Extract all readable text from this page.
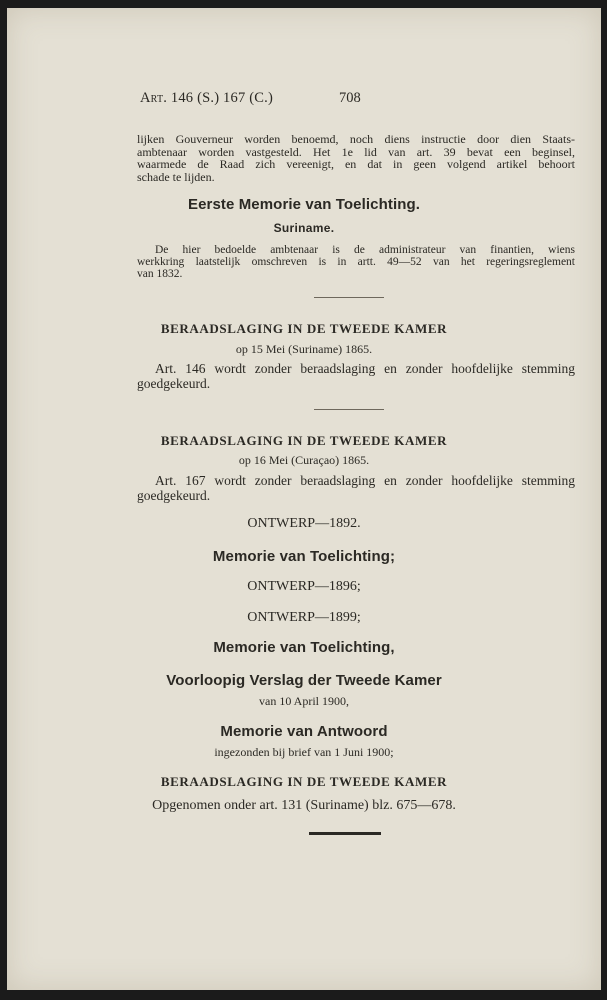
Art. 146 (S.) 167 (C.)	708
lijken Gouverneur worden benoemd, noch diens instructie door dien Staats-
ambtenaar worden vastgesteld. Het 1e lid van art. 39 bevat een beginsel,
waarmede de Raad zich vereenigt, en dat in geen volgend artikel behoort
schade te lijden.
Eerste Memorie van Toelichting.
Suriname.
De hier bedoelde ambtenaar is de administrateur van finantien, wiens
werkkring laatstelijk omschreven is in artt. 49—52 van het regeringsreglement
van 1832.
BERAADSLAGING IN DE TWEEDE KAMER
op 15 Mei (Suriname) 1865.
Art. 146 wordt zonder beraadslaging en zonder hoofdelijke stemming
goedgekeurd.
BERAADSLAGING IN DE TWEEDE KAMER
op 16 Mei (Curaçao) 1865.
Art. 167 wordt zonder beraadslaging en zonder hoofdelijke stemming
goedgekeurd.
ONTWERP—1892.
Memorie van Toelichting;
ONTWERP—1896;
ONTWERP—1899;
Memorie van Toelichting,
Voorloopig Verslag der Tweede Kamer
van 10 April 1900,
Memorie van Antwoord
ingezonden bij brief van 1 Juni 1900;
BERAADSLAGING IN DE TWEEDE KAMER
Opgenomen onder art. 131 (Suriname) blz. 675—678.
